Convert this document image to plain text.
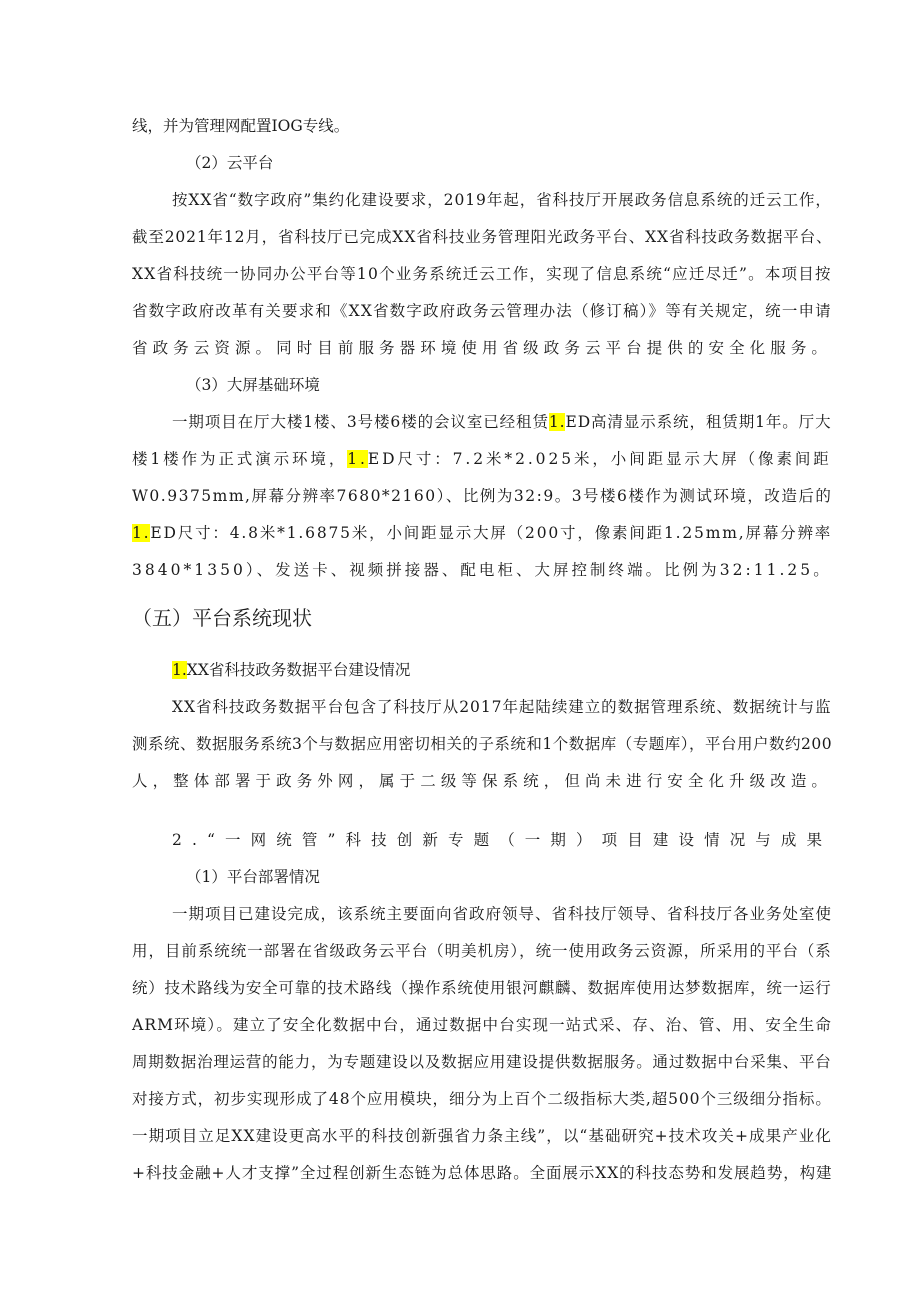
线，并为管理网配置IOG专线。
（2）云平台
按XX省“数字政府”集约化建设要求，2019年起，省科技厅开展政务信息系统的迁云工作，
截至2021年12月，省科技厅已完成XX省科技业务管理阳光政务平台、XX省科技政务数据平台、
XX省科技统一协同办公平台等10个业务系统迁云工作，实现了信息系统“应迁尽迁”。本项目按
省数字政府改革有关要求和《XX省数字政府政务云管理办法（修订稿）》等有关规定，统一申请
省政务云资源。同时目前服务器环境使用省级政务云平台提供的安全化服务。
（3）大屏基础环境
一期项目在厅大楼1楼、3号楼6楼的会议室已经租赁1.ED高清显示系统，租赁期1年。厅大
楼1楼作为正式演示环境，1.ED尺寸：7.2米*2.025米，小间距显示大屏（像素间距
W0.9375mm,屏幕分辨率7680*2160）、比例为32:9。3号楼6楼作为测试环境，改造后的
1.ED尺寸：4.8米*1.6875米，小间距显示大屏（200寸，像素间距1.25mm,屏幕分辨率
3840*1350）、发送卡、视频拼接器、配电柜、大屏控制终端。比例为32:11.25。
（五）平台系统现状
1.XX省科技政务数据平台建设情况
XX省科技政务数据平台包含了科技厅从2017年起陆续建立的数据管理系统、数据统计与监
测系统、数据服务系统3个与数据应用密切相关的子系统和1个数据库（专题库），平台用户数约200
人，整体部署于政务外网，属于二级等保系统，但尚未进行安全化升级改造。
2.“一网统管”科技创新专题（一期）项目建设情况与成果
（1）平台部署情况
一期项目已建设完成，该系统主要面向省政府领导、省科技厅领导、省科技厅各业务处室使
用，目前系统统一部署在省级政务云平台（明美机房），统一使用政务云资源，所采用的平台（系
统）技术路线为安全可靠的技术路线（操作系统使用银河麒麟、数据库使用达梦数据库，统一运行
ARM环境）。建立了安全化数据中台，通过数据中台实现一站式采、存、治、管、用、安全生命
周期数据治理运营的能力，为专题建设以及数据应用建设提供数据服务。通过数据中台采集、平台
对接方式，初步实现形成了48个应用模块，细分为上百个二级指标大类,超500个三级细分指标。
一期项目立足XX建设更高水平的科技创新强省力条主线”，以“基础研究+技术攻关+成果产业化
+科技金融+人才支撑”全过程创新生态链为总体思路。全面展示XX的科技态势和发展趋势，构建
